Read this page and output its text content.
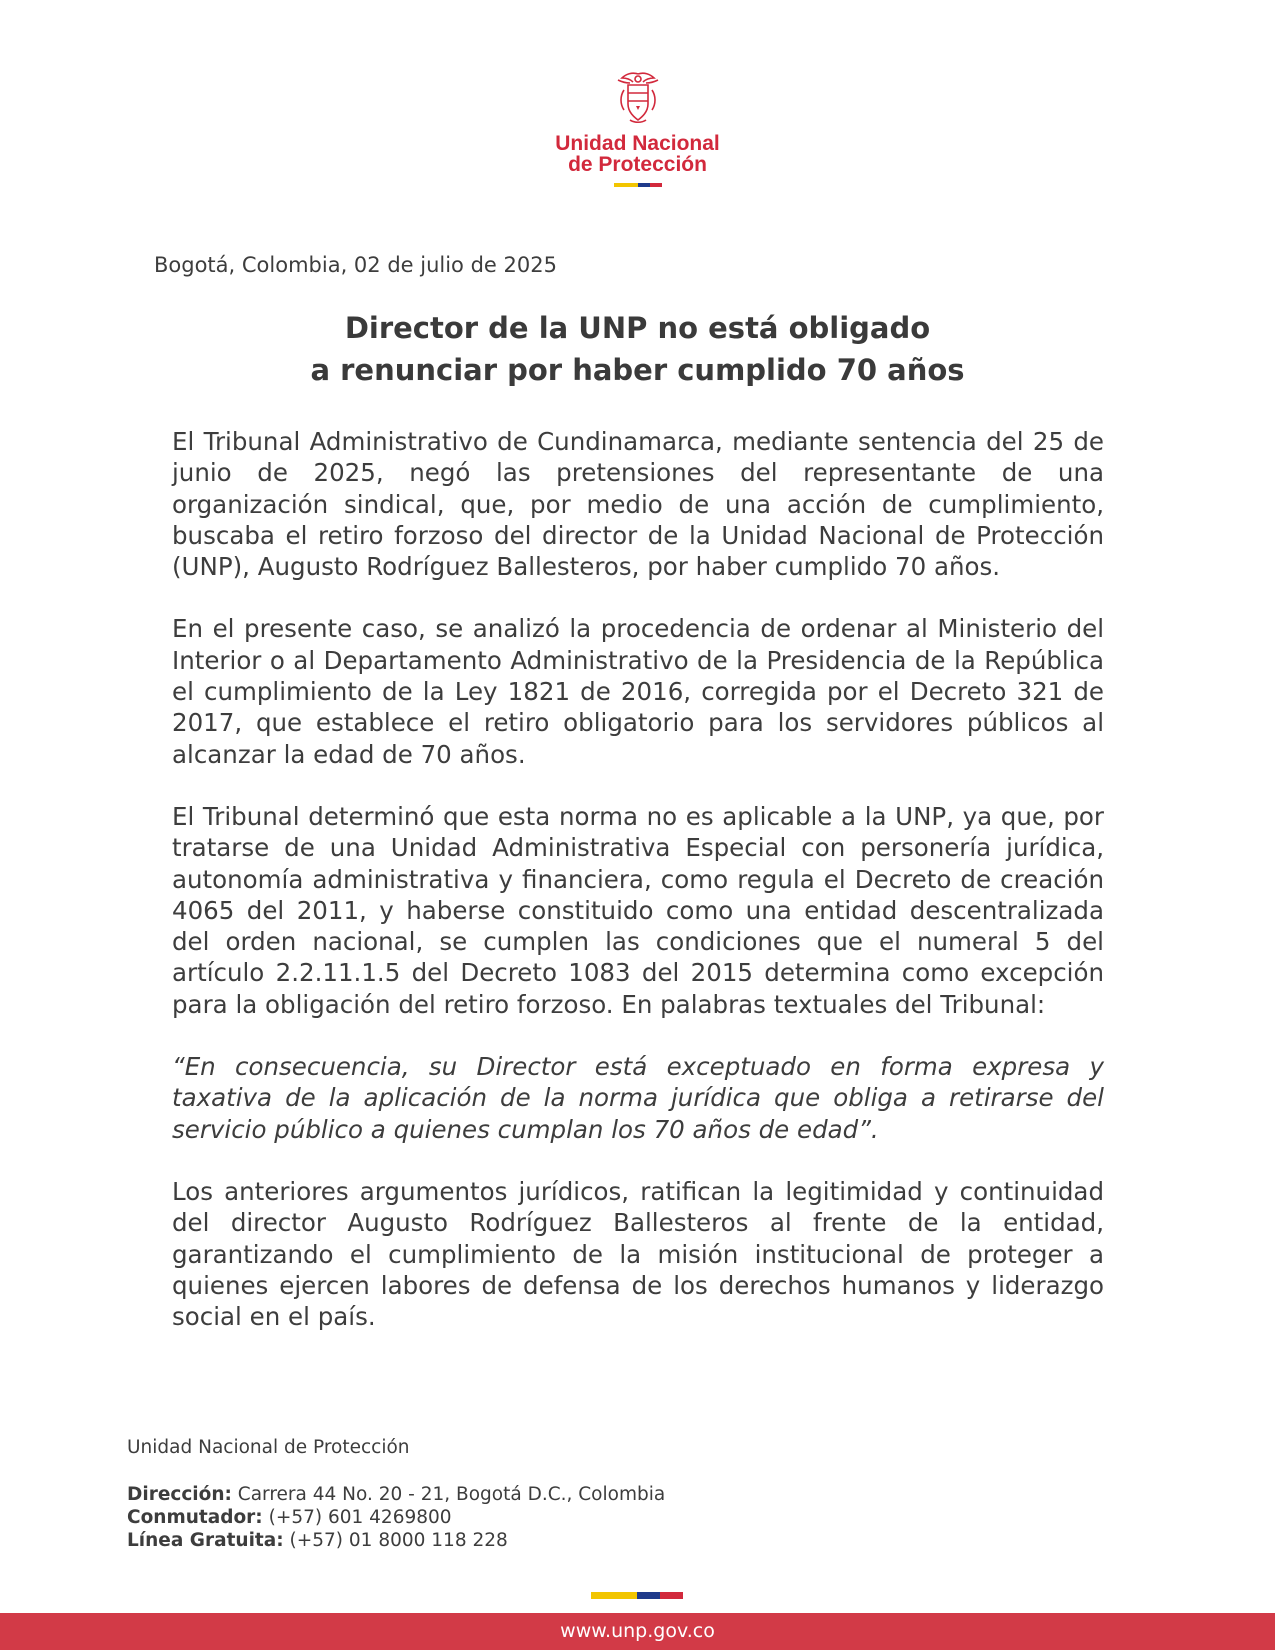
Unidad Nacional
de Protección
Bogotá, Colombia, 02 de julio de 2025
Director de la UNP no está obligado
a renunciar por haber cumplido 70 años

El Tribunal Administrativo de Cundinamarca, mediante sentencia del 25 de junio de 2025, negó las pretensiones del representante de una organización sindical, que, por medio de una acción de cumplimiento, buscaba el retiro forzoso del director de la Unidad Nacional de Protección (UNP), Augusto Rodríguez Ballesteros, por haber cumplido 70 años.

En el presente caso, se analizó la procedencia de ordenar al Ministerio del Interior o al Departamento Administrativo de la Presidencia de la República el cumplimiento de la Ley 1821 de 2016, corregida por el Decreto 321 de 2017, que establece el retiro obligatorio para los servidores públicos al alcanzar la edad de 70 años.

El Tribunal determinó que esta norma no es aplicable a la UNP, ya que, por tratarse de una Unidad Administrativa Especial con personería jurídica, autonomía administrativa y financiera, como regula el Decreto de creación 4065 del 2011, y haberse constituido como una entidad descentralizada del orden nacional, se cumplen las condiciones que el numeral 5 del artículo 2.2.11.1.5 del Decreto 1083 del 2015 determina como excepción para la obligación del retiro forzoso. En palabras textuales del Tribunal:

“En consecuencia, su Director está exceptuado en forma expresa y taxativa de la aplicación de la norma jurídica que obliga a retirarse del servicio público a quienes cumplan los 70 años de edad”.

Los anteriores argumentos jurídicos, ratifican la legitimidad y continuidad del director Augusto Rodríguez Ballesteros al frente de la entidad, garantizando el cumplimiento de la misión institucional de proteger a quienes ejercen labores de defensa de los derechos humanos y liderazgo social en el país.

Unidad Nacional de Protección
Dirección: Carrera 44 No. 20 - 21, Bogotá D.C., Colombia
Conmutador: (+57) 601 4269800
Línea Gratuita: (+57) 01 8000 118 228
www.unp.gov.co
